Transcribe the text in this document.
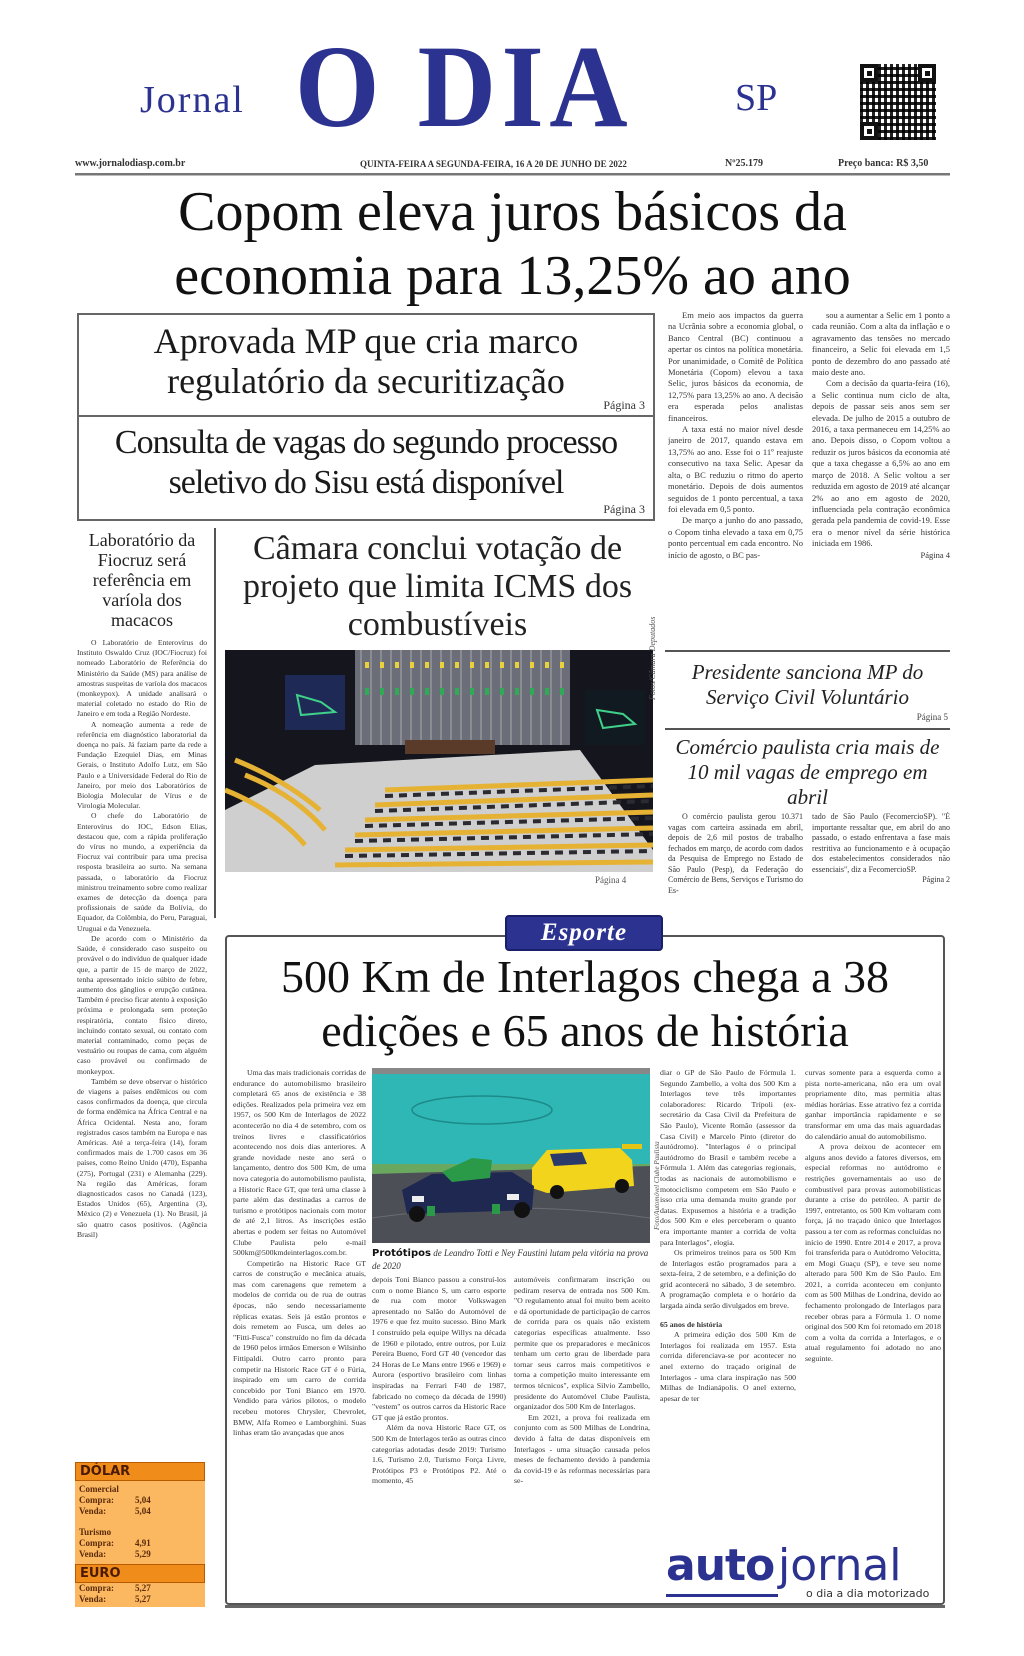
Jornal O DIA	SP
www.jornalodiasp.com.br	QUINTA-FEIRA A SEGUNDA-FEIRA, 16 A 20 DE JUNHO DE 2022	Nº25.179	Preço banca: R$ 3,50
Copom eleva juros básicos da economia para 13,25% ao ano
Aprovada MP que cria marco regulatório da securitização
Página 3
Consulta de vagas do segundo processo seletivo do Sisu está disponível
Página 3

Em meio aos impactos da guerra na Ucrânia sobre a economia global, o Banco Central (BC) continuou a apertar os cintos na política monetária. Por unanimidade, o Comitê de Política Monetária (Copom) elevou a taxa Selic, juros básicos da economia, de 12,75% para 13,25% ao ano. A decisão era esperada pelos analistas financeiros.

A taxa está no maior nível desde janeiro de 2017, quando estava em 13,75% ao ano. Esse foi o 11º reajuste consecutivo na taxa Selic. Apesar da alta, o BC reduziu o ritmo do aperto monetário. Depois de dois aumentos seguidos de 1 ponto percentual, a taxa foi elevada em 0,5 ponto.

De março a junho do ano passado, o Copom tinha elevado a taxa em 0,75 ponto percentual em cada encontro. No início de agosto, o BC pas-

sou a aumentar a Selic em 1 ponto a cada reunião. Com a alta da inflação e o agravamento das tensões no mercado financeiro, a Selic foi elevada em 1,5 ponto de dezembro do ano passado até maio deste ano.

Com a decisão da quarta-feira (16), a Selic continua num ciclo de alta, depois de passar seis anos sem ser elevada. De julho de 2015 a outubro de 2016, a taxa permaneceu em 14,25% ao ano. Depois disso, o Copom voltou a reduzir os juros básicos da economia até que a taxa chegasse a 6,5% ao ano em março de 2018. A Selic voltou a ser reduzida em agosto de 2019 até alcançar 2% ao ano em agosto de 2020, influenciada pela contração econômica gerada pela pandemia de covid-19. Esse era o menor nível da série histórica iniciada em 1986.

Página 4
Presidente sanciona MP do Serviço Civil Voluntário
Página 5
Comércio paulista cria mais de 10 mil vagas de emprego em abril

O comércio paulista gerou 10.371 vagas com carteira assinada em abril, depois de 2,6 mil postos de trabalho fechados em março, de acordo com dados da Pesquisa de Emprego no Estado de São Paulo (Pesp), da Federação do Comércio de Bens, Serviços e Turismo do Es-

tado de São Paulo (FecomercioSP). "É importante ressaltar que, em abril do ano passado, o estado enfrentava a fase mais restritiva ao funcionamento e à ocupação dos estabelecimentos considerados não essenciais", diz a FecomercioSP.

Página 2
Laboratório da Fiocruz será referência em varíola dos macacos

O Laboratório de Enterovírus do Instituto Oswaldo Cruz (IOC/Fiocruz) foi nomeado Laboratório de Referência do Ministério da Saúde (MS) para análise de amostras suspeitas de varíola dos macacos (monkeypox). A unidade analisará o material coletado no estado do Rio de Janeiro e em toda a Região Nordeste.

A nomeação aumenta a rede de referência em diagnóstico laboratorial da doença no país. Já faziam parte da rede a Fundação Ezequiel Dias, em Minas Gerais, o Instituto Adolfo Lutz, em São Paulo e a Universidade Federal do Rio de Janeiro, por meio dos Laboratórios de Biologia Molecular de Vírus e de Virologia Molecular.

O chefe do Laboratório de Enterovírus do IOC, Edson Elias, destacou que, com a rápida proliferação do vírus no mundo, a experiência da Fiocruz vai contribuir para uma precisa resposta brasileira ao surto. Na semana passada, o laboratório da Fiocruz ministrou treinamento sobre como realizar exames de detecção da doença para profissionais de saúde da Bolívia, do Equador, da Colômbia, do Peru, Paraguai, Uruguai e da Venezuela.

De acordo com o Ministério da Saúde, é considerado caso suspeito ou provável o do indivíduo de qualquer idade que, a partir de 15 de março de 2022, tenha apresentado início súbito de febre, aumento dos gânglios e erupção cutânea. Também é preciso ficar atento à exposição próxima e prolongada sem proteção respiratória, contato físico direto, incluindo contato sexual, ou contato com material contaminado, como peças de vestuário ou roupas de cama, com alguém caso provável ou confirmado de monkeypox.

Também se deve observar o histórico de viagens a países endêmicos ou com casos confirmados da doença, que circula de forma endêmica na África Central e na África Ocidental. Nesta ano, foram registrados casos também na Europa e nas Américas. Até a terça-feira (14), foram confirmados mais de 1.700 casos em 36 países, como Reino Unido (470), Espanha (275), Portugal (231) e Alemanha (229). Na região das Américas, foram diagnosticados casos no Canadá (123), Estados Unidos (65), Argentina (3), México (2) e Venezuela (1). No Brasil, já são quatro casos positivos. (Agência Brasil)

Câmara conclui votação de projeto que limita ICMS dos combustíveis	Fotos/Câmara Deputados
Página 4
DÓLAR
Comercial
Compra:	5,04
Venda:	5,04
Turismo
Compra:	4,91
Venda:	5,29
EURO
Compra:	5,27
Venda:	5,27
Esporte
500 Km de Interlagos chega a 38 edições e 65 anos de história

Uma das mais tradicionais corridas de endurance do automobilismo brasileiro completará 65 anos de existência e 38 edições. Realizados pela primeira vez em 1957, os 500 Km de Interlagos de 2022 acontecerão no dia 4 de setembro, com os treinos livres e classificatórios acontecendo nos dois dias anteriores. A grande novidade neste ano será o lançamento, dentro dos 500 Km, de uma nova categoria do automobilismo paulista, a Historic Race GT, que terá uma classe à parte além das destinadas a carros de turismo e protótipos nacionais com motor de até 2,1 litros. As inscrições estão abertas e podem ser feitas no Automóvel Clube Paulista pelo e-mail 500km@500kmdeinterlagos.com.br.

Competirão na Historic Race GT carros de construção e mecânica atuais, mas com carenagens que remetem a modelos de corrida ou de rua de outras épocas, não sendo necessariamente réplicas exatas. Seis já estão prontos e dois remetem ao Fusca, um deles ao "Fitti-Fusca" construído no fim da década de 1960 pelos irmãos Emerson e Wilsinho Fittipaldi. Outro carro pronto para competir na Historic Race GT é o Fúria, inspirado em um carro de corrida concebido por Toni Bianco em 1970. Vendido para vários pilotos, o modelo recebeu motores Chrysler, Chevrolet, BMW, Alfa Romeo e Lamborghini. Suas linhas eram tão avançadas que anos

Foto/Automóvel Clube Paulista
Protótipos de Leandro Totti e Ney Faustini lutam pela vitória na prova de 2020

depois Toni Bianco passou a construí-los com o nome Bianco S, um carro esporte de rua com motor Volkswagen apresentado no Salão do Automóvel de 1976 e que fez muito sucesso. Bino Mark I construído pela equipe Willys na década de 1960 e pilotado, entre outros, por Luiz Pereira Bueno, Ford GT 40 (vencedor das 24 Horas de Le Mans entre 1966 e 1969) e Aurora (esportivo brasileiro com linhas inspiradas na Ferrari F40 de 1987, fabricado no começo da década de 1990) "vestem" os outros carros da Historic Race GT que já estão prontos.

Além da nova Historic Race GT, os 500 Km de Interlagos terão as outras cinco categorias adotadas desde 2019: Turismo 1.6, Turismo 2.0, Turismo Força Livre, Protótipos P3 e Protótipos P2. Até o momento, 45

automóveis confirmaram inscrição ou pediram reserva de entrada nos 500 Km. "O regulamento atual foi muito bem aceito e dá oportunidade de participação de carros de corrida para os quais não existem categorias específicas atualmente. Isso permite que os preparadores e mecânicos tenham um certo grau de liberdade para tornar seus carros mais competitivos e torna a competição muito interessante em termos técnicos", explica Silvio Zambello, presidente do Automóvel Clube Paulista, organizador dos 500 Km de Interlagos.

Em 2021, a prova foi realizada em conjunto com as 500 Milhas de Londrina, devido à falta de datas disponíveis em Interlagos - uma situação causada pelos meses de fechamento devido à pandemia da covid-19 e às reformas necessárias para se-

diar o GP de São Paulo de Fórmula 1. Segundo Zambello, a volta dos 500 Km a Interlagos teve três importantes colaboradores: Ricardo Trípoli (ex-secretário da Casa Civil da Prefeitura de São Paulo), Vicente Romão (assessor da Casa Civil) e Marcelo Pinto (diretor do autódromo). "Interlagos é o principal autódromo do Brasil e também recebe a Fórmula 1. Além das categorias regionais, todas as nacionais de automobilismo e motociclismo competem em São Paulo e isso cria uma demanda muito grande por datas. Expusemos a história e a tradição dos 500 Km e eles perceberam o quanto era importante manter a corrida de volta para Interlagos", elogia.

Os primeiros treinos para os 500 Km de Interlagos estão programados para a sexta-feira, 2 de setembro, e a definição do grid acontecerá no sábado, 3 de setembro. A programação completa e o horário da largada ainda serão divulgados em breve.

65 anos de história

A primeira edição dos 500 Km de Interlagos foi realizada em 1957. Esta corrida diferenciava-se por acontecer no anel externo do traçado original de Interlagos - uma clara inspiração nas 500 Milhas de Indianápolis. O anel externo, apesar de ter

curvas somente para a esquerda como a pista norte-americana, não era um oval propriamente dito, mas permitia altas médias horárias. Esse atrativo fez a corrida ganhar importância rapidamente e se transformar em uma das mais aguardadas do calendário anual do automobilismo.

A prova deixou de acontecer em alguns anos devido a fatores diversos, em especial reformas no autódromo e restrições governamentais ao uso de combustível para provas automobilísticas durante a crise do petróleo. A partir de 1997, entretanto, os 500 Km voltaram com força, já no traçado único que Interlagos passou a ter com as reformas concluídas no início de 1990. Entre 2014 e 2017, a prova foi transferida para o Autódromo Velocitta, em Mogi Guaçu (SP), e teve seu nome alterado para 500 Km de São Paulo. Em 2021, a corrida aconteceu em conjunto com as 500 Milhas de Londrina, devido ao fechamento prolongado de Interlagos para receber obras para a Fórmula 1. O nome original dos 500 Km foi retomado em 2018 com a volta da corrida a Interlagos, e o atual regulamento foi adotado no ano seguinte.

auto jornal
o dia a dia motorizado
